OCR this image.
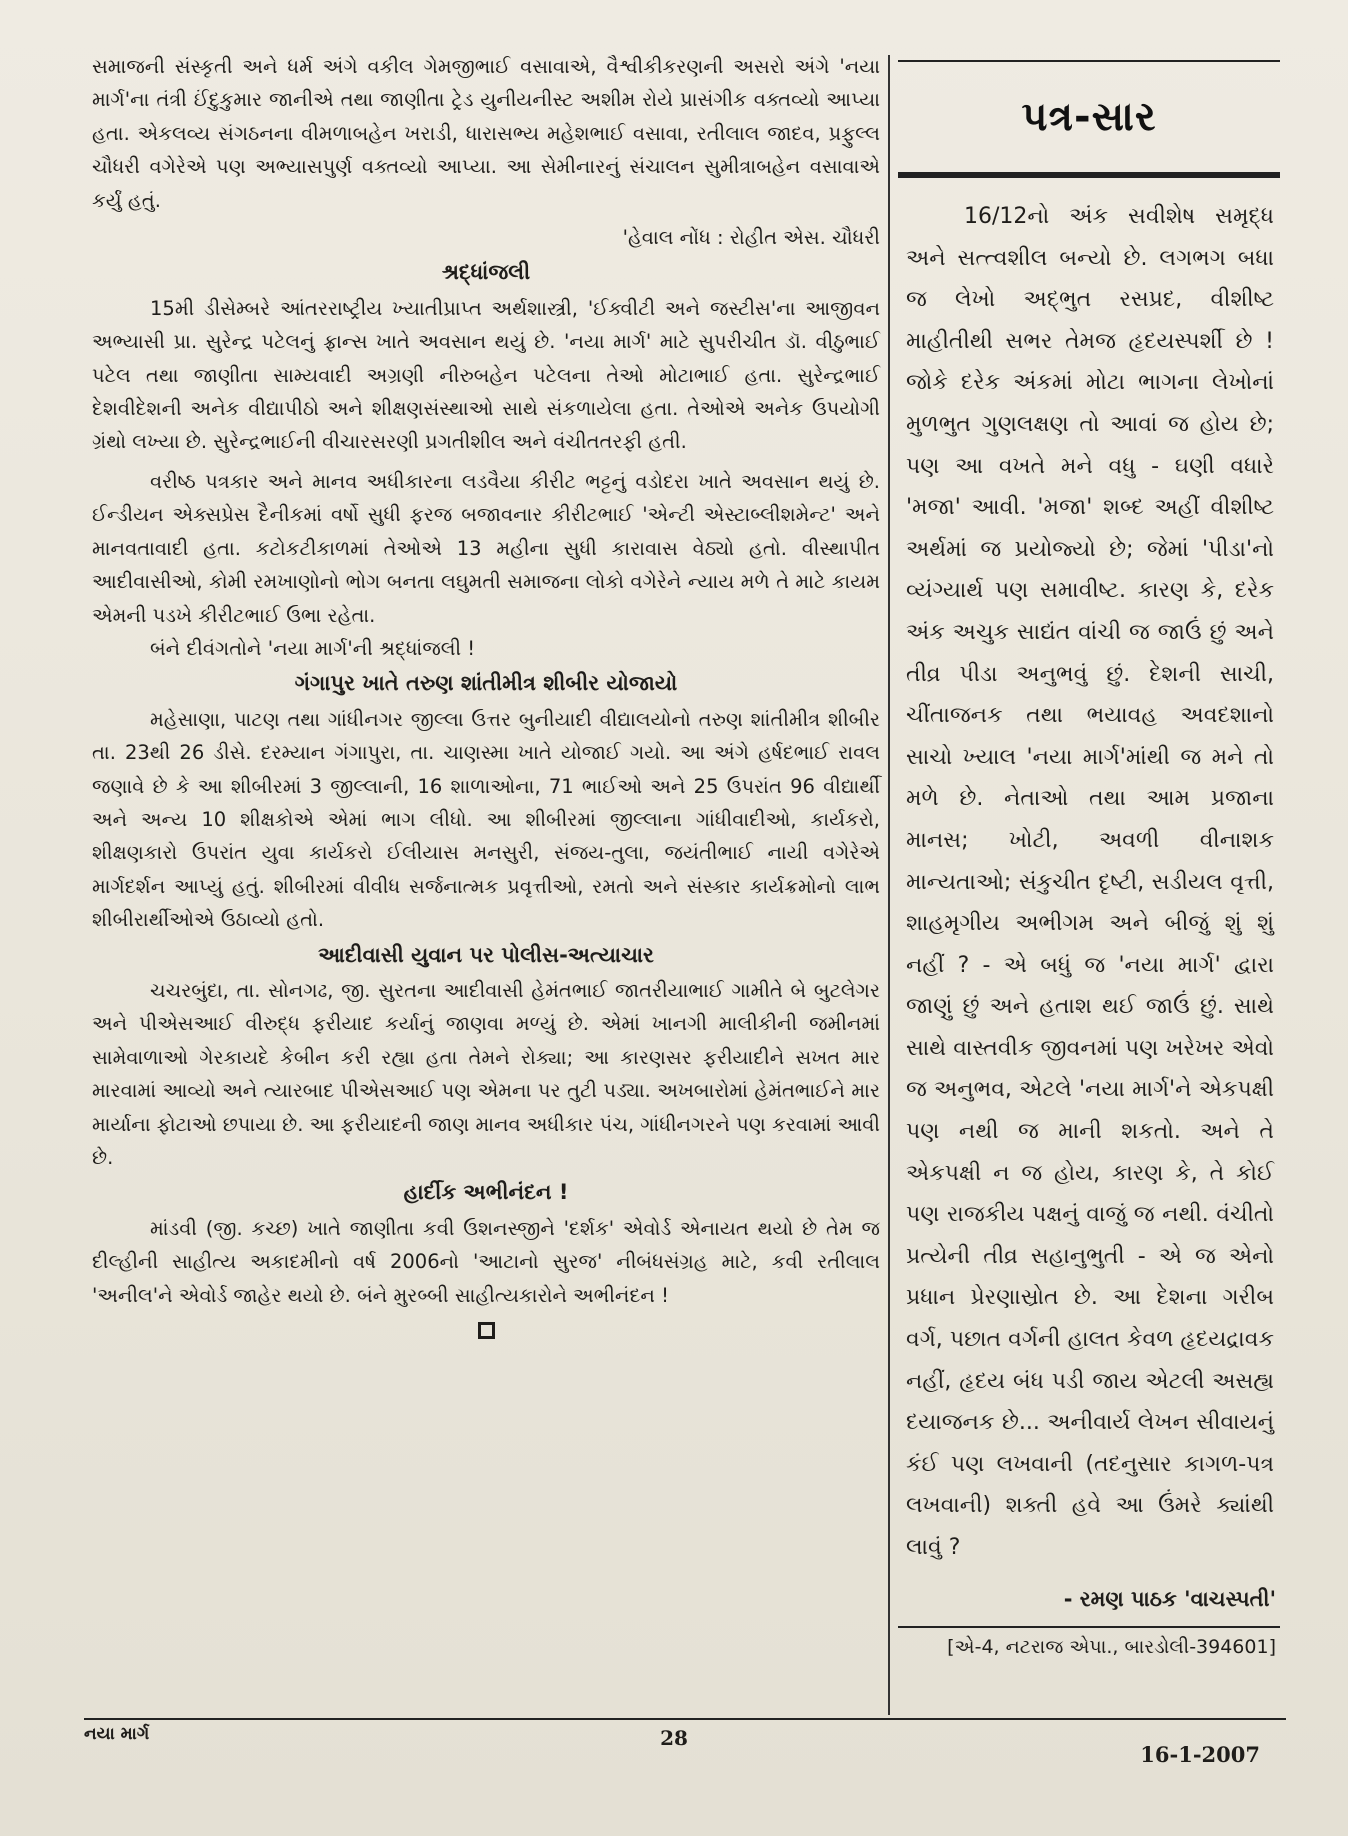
સમાજની સંસ્કૃતી અને ધર્મ અંગે વકીલ ગેમજીભાઈ વસાવાએ, વૈશ્વીકીકરણની અસરો અંગે 'નયા માર્ગ'ના તંત્રી ઈંદુકુમાર જાનીએ તથા જાણીતા ટ્રેડ યુનીયનીસ્ટ અશીમ રોયે પ્રાસંગીક વક્તવ્યો આપ્યા હતા. એકલવ્ય સંગઠનના વીમળાબહેન ખરાડી, ધારાસભ્ય મહેશભાઈ વસાવા, રતીલાલ જાદવ, પ્રફુલ્લ ચૌધરી વગેરેએ પણ અભ્યાસપુર્ણ વક્તવ્યો આપ્યા. આ સેમીનારનું સંચાલન સુમીત્રાબહેન વસાવાએ કર્યું હતું.

'હેવાલ નોંધ : રોહીત એસ. ચૌધરી

શ્રદ્ધાંજલી

15મી ડીસેમ્બરે આંતરરાષ્ટ્રીય ખ્યાતીપ્રાપ્ત અર્થશાસ્ત્રી, 'ઈક્વીટી અને જસ્ટીસ'ના આજીવન અભ્યાસી પ્રા. સુરેન્દ્ર પટેલનું ફ્રાન્સ ખાતે અવસાન થયું છે. 'નયા માર્ગ' માટે સુપરીચીત ડૉ. વીઠુભાઈ પટેલ તથા જાણીતા સામ્યવાદી અગ્રણી નીરુબહેન પટેલના તેઓ મોટાભાઈ હતા. સુરેન્દ્રભાઈ દેશવીદેશની અનેક વીદ્યાપીઠો અને શીક્ષણસંસ્થાઓ સાથે સંકળાયેલા હતા. તેઓએ અનેક ઉપયોગી ગ્રંથો લખ્યા છે. સુરેન્દ્રભાઈની વીચારસરણી પ્રગતીશીલ અને વંચીતતરફી હતી.

વરીષ્ઠ પત્રકાર અને માનવ અધીકારના લડવૈયા કીરીટ ભટ્ટનું વડોદરા ખાતે અવસાન થયું છે. ઈન્ડીયન એક્સપ્રેસ દૈનીકમાં વર્ષો સુધી ફરજ બજાવનાર કીરીટભાઈ 'એન્ટી એસ્ટાબ્લીશમેન્ટ' અને માનવતાવાદી હતા. કટોકટીકાળમાં તેઓએ 13 મહીના સુધી કારાવાસ વેઠ્યો હતો. વીસ્થાપીત આદીવાસીઓ, કોમી રમખાણોનો ભોગ બનતા લઘુમતી સમાજના લોકો વગેરેને ન્યાય મળે તે માટે કાયમ એમની પડખે કીરીટભાઈ ઉભા રહેતા.

બંને દીવંગતોને 'નયા માર્ગ'ની શ્રદ્ધાંજલી !

ગંગાપુર ખાતે તરુણ શાંતીમીત્ર શીબીર યોજાયો

મહેસાણા, પાટણ તથા ગાંધીનગર જીલ્લા ઉત્તર બુનીયાદી વીદ્યાલયોનો તરુણ શાંતીમીત્ર શીબીર તા. 23થી 26 ડીસે. દરમ્યાન ગંગાપુરા, તા. ચાણસ્મા ખાતે યોજાઈ ગયો. આ અંગે હર્ષદભાઈ રાવલ જણાવે છે કે આ શીબીરમાં 3 જીલ્લાની, 16 શાળાઓના, 71 ભાઈઓ અને 25 ઉપરાંત 96 વીદ્યાર્થી અને અન્ય 10 શીક્ષકોએ એમાં ભાગ લીધો. આ શીબીરમાં જીલ્લાના ગાંધીવાદીઓ, કાર્યકરો, શીક્ષણકારો ઉપરાંત યુવા કાર્યકરો ઈલીયાસ મનસુરી, સંજય-તુલા, જયંતીભાઈ નાયી વગેરેએ માર્ગદર્શન આપ્યું હતું. શીબીરમાં વીવીધ સર્જનાત્મક પ્રવૃત્તીઓ, રમતો અને સંસ્કાર કાર્યક્રમોનો લાભ શીબીરાર્થીઓએ ઉઠાવ્યો હતો.

આદીવાસી યુવાન પર પોલીસ-અત્યાચાર

ચચરબુંદા, તા. સોનગઢ, જી. સુરતના આદીવાસી હેમંતભાઈ જાતરીયાભાઈ ગામીતે બે બુટલેગર અને પીએસઆઈ વીરુદ્ધ ફરીયાદ કર્યાનું જાણવા મળ્યું છે. એમાં ખાનગી માલીકીની જમીનમાં સામેવાળાઓ ગેરકાયદે કેબીન કરી રહ્યા હતા તેમને રોક્યા; આ કારણસર ફરીયાદીને સખત માર મારવામાં આવ્યો અને ત્યારબાદ પીએસઆઈ પણ એમના પર તુટી પડ્યા. અખબારોમાં હેમંતભાઈને માર માર્યાના ફોટાઓ છપાયા છે. આ ફરીયાદની જાણ માનવ અધીકાર પંચ, ગાંધીનગરને પણ કરવામાં આવી છે.

હાર્દીક અભીનંદન !

માંડવી (જી. કચ્છ) ખાતે જાણીતા કવી ઉશનસ્જીને 'દર્શક' એવોર્ડ એનાયત થયો છે તેમ જ દીલ્હીની સાહીત્ય અકાદમીનો વર્ષ 2006નો 'આટાનો સુરજ' નીબંધસંગ્રહ માટે, કવી રતીલાલ 'અનીલ'ને એવોર્ડ જાહેર થયો છે. બંને મુરબ્બી સાહીત્યકારોને અભીનંદન !

પત્ર-સાર

16/12નો અંક સવીશેષ સમૃદ્ધ અને સત્ત્વશીલ બન્યો છે. લગભગ બધા જ લેખો અદ્ભુત રસપ્રદ, વીશીષ્ટ માહીતીથી સભર તેમજ હૃદયસ્પર્શી છે ! જોકે દરેક અંકમાં મોટા ભાગના લેખોનાં મુળભુત ગુણલક્ષણ તો આવાં જ હોય છે; પણ આ વખતે મને વધુ - ઘણી વધારે 'મજા' આવી. 'મજા' શબ્દ અહીં વીશીષ્ટ અર્થમાં જ પ્રયોજ્યો છે; જેમાં 'પીડા'નો વ્યંગ્યાર્થ પણ સમાવીષ્ટ. કારણ કે, દરેક અંક અચુક સાદ્યંત વાંચી જ જાઉં છું અને તીવ્ર પીડા અનુભવું છું. દેશની સાચી, ચીંતાજનક તથા ભયાવહ અવદશાનો સાચો ખ્યાલ 'નયા માર્ગ'માંથી જ મને તો મળે છે. નેતાઓ તથા આમ પ્રજાના માનસ; ખોટી, અવળી વીનાશક માન્યતાઓ; સંકુચીત દૃષ્ટી, સડીયલ વૃત્તી, શાહમૃગીય અભીગમ અને બીજું શું શું નહીં ? - એ બધું જ 'નયા માર્ગ' દ્વારા જાણું છું અને હતાશ થઈ જાઉં છું. સાથે સાથે વાસ્તવીક જીવનમાં પણ ખરેખર એવો જ અનુભવ, એટલે 'નયા માર્ગ'ને એકપક્ષી પણ નથી જ માની શકતો. અને તે એકપક્ષી ન જ હોય, કારણ કે, તે કોઈ પણ રાજકીય પક્ષનું વાજું જ નથી. વંચીતો પ્રત્યેની તીવ્ર સહાનુભુતી - એ જ એનો પ્રધાન પ્રેરણાસ્રોત છે. આ દેશના ગરીબ વર્ગ, પછાત વર્ગની હાલત કેવળ હૃદયદ્રાવક નહીં, હૃદય બંધ પડી જાય એટલી અસહ્ય દયાજનક છે... અનીવાર્ય લેખન સીવાયનું કંઈ પણ લખવાની (તદનુસાર કાગળ-પત્ર લખવાની) શક્તી હવે આ ઉંમરે ક્યાંથી લાવું ?

- રમણ પાઠક 'વાચસ્પતી'
[એ-4, નટરાજ એપા., બારડોલી-394601]
નયા માર્ગ	28
16-1-2007
